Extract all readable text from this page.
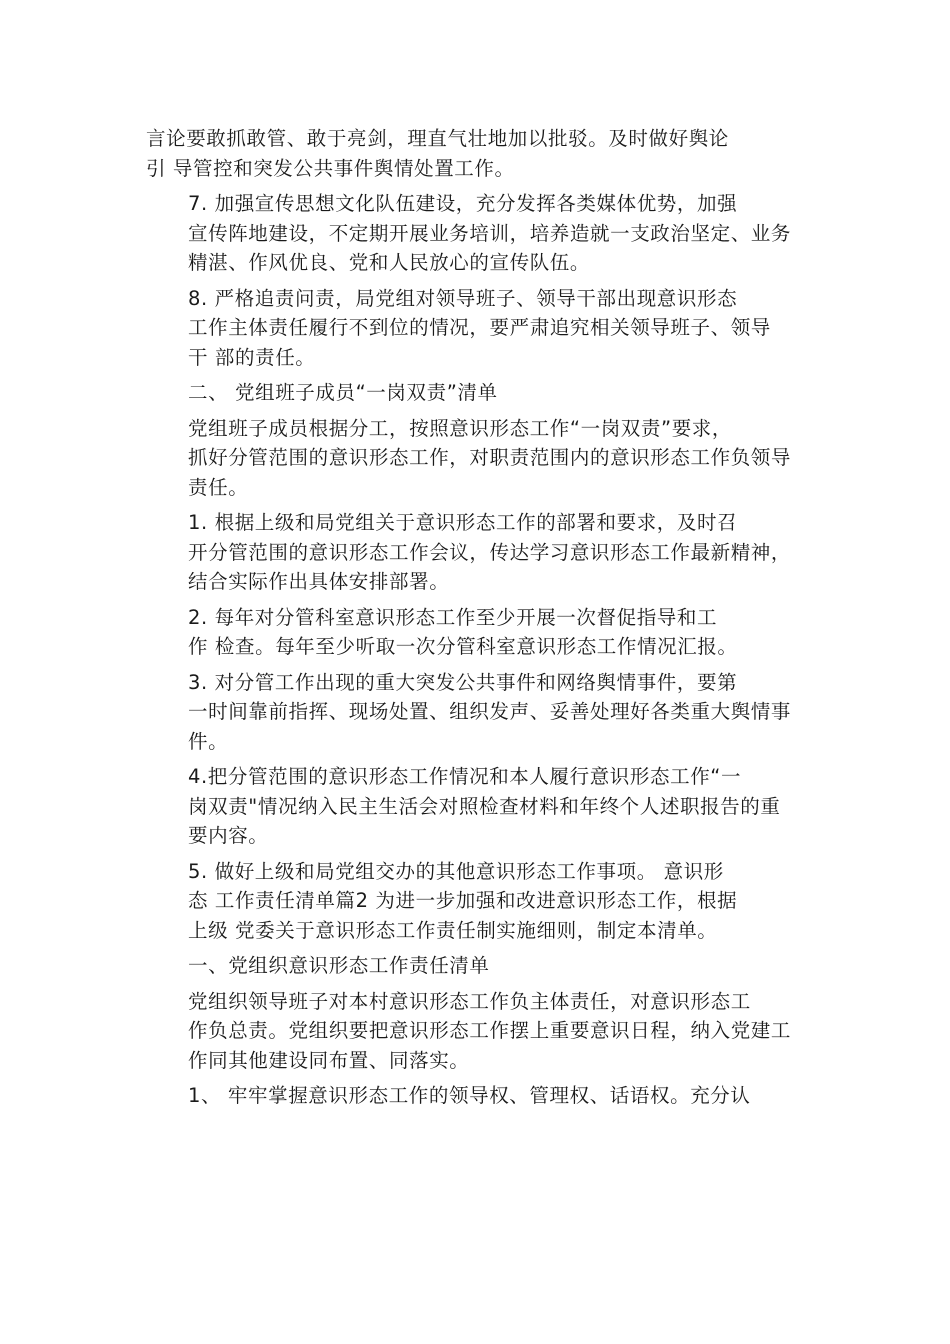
言论要敢抓敢管、敢于亮剑，理直气壮地加以批驳。及时做好舆论
引 导管控和突发公共事件舆情处置工作。
7. 加强宣传思想文化队伍建设，充分发挥各类媒体优势，加强
宣传阵地建设，不定期开展业务培训，培养造就一支政治坚定、业务
精湛、作风优良、党和人民放心的宣传队伍。
8. 严格追责问责，局党组对领导班子、领导干部出现意识形态
工作主体责任履行不到位的情况，要严肃追究相关领导班子、领导
干 部的责任。
二、 党组班子成员“一岗双责”清单
党组班子成员根据分工，按照意识形态工作“一岗双责”要求，
抓好分管范围的意识形态工作，对职责范围内的意识形态工作负领导
责任。
1. 根据上级和局党组关于意识形态工作的部署和要求，及时召
开分管范围的意识形态工作会议，传达学习意识形态工作最新精神，
结合实际作出具体安排部署。
2. 每年对分管科室意识形态工作至少开展一次督促指导和工
作 检查。每年至少听取一次分管科室意识形态工作情况汇报。
3. 对分管工作出现的重大突发公共事件和网络舆情事件，要第
一时间靠前指挥、现场处置、组织发声、妥善处理好各类重大舆情事
件。
4.把分管范围的意识形态工作情况和本人履行意识形态工作“一
岗双责"情况纳入民主生活会对照检查材料和年终个人述职报告的重
要内容。
5. 做好上级和局党组交办的其他意识形态工作事项。 意识形
态 工作责任清单篇2 为进一步加强和改进意识形态工作，根据
上级 党委关于意识形态工作责任制实施细则，制定本清单。
一、党组织意识形态工作责任清单
党组织领导班子对本村意识形态工作负主体责任，对意识形态工
作负总责。党组织要把意识形态工作摆上重要意识日程，纳入党建工
作同其他建设同布置、同落实。
1、 牢牢掌握意识形态工作的领导权、管理权、话语权。充分认
